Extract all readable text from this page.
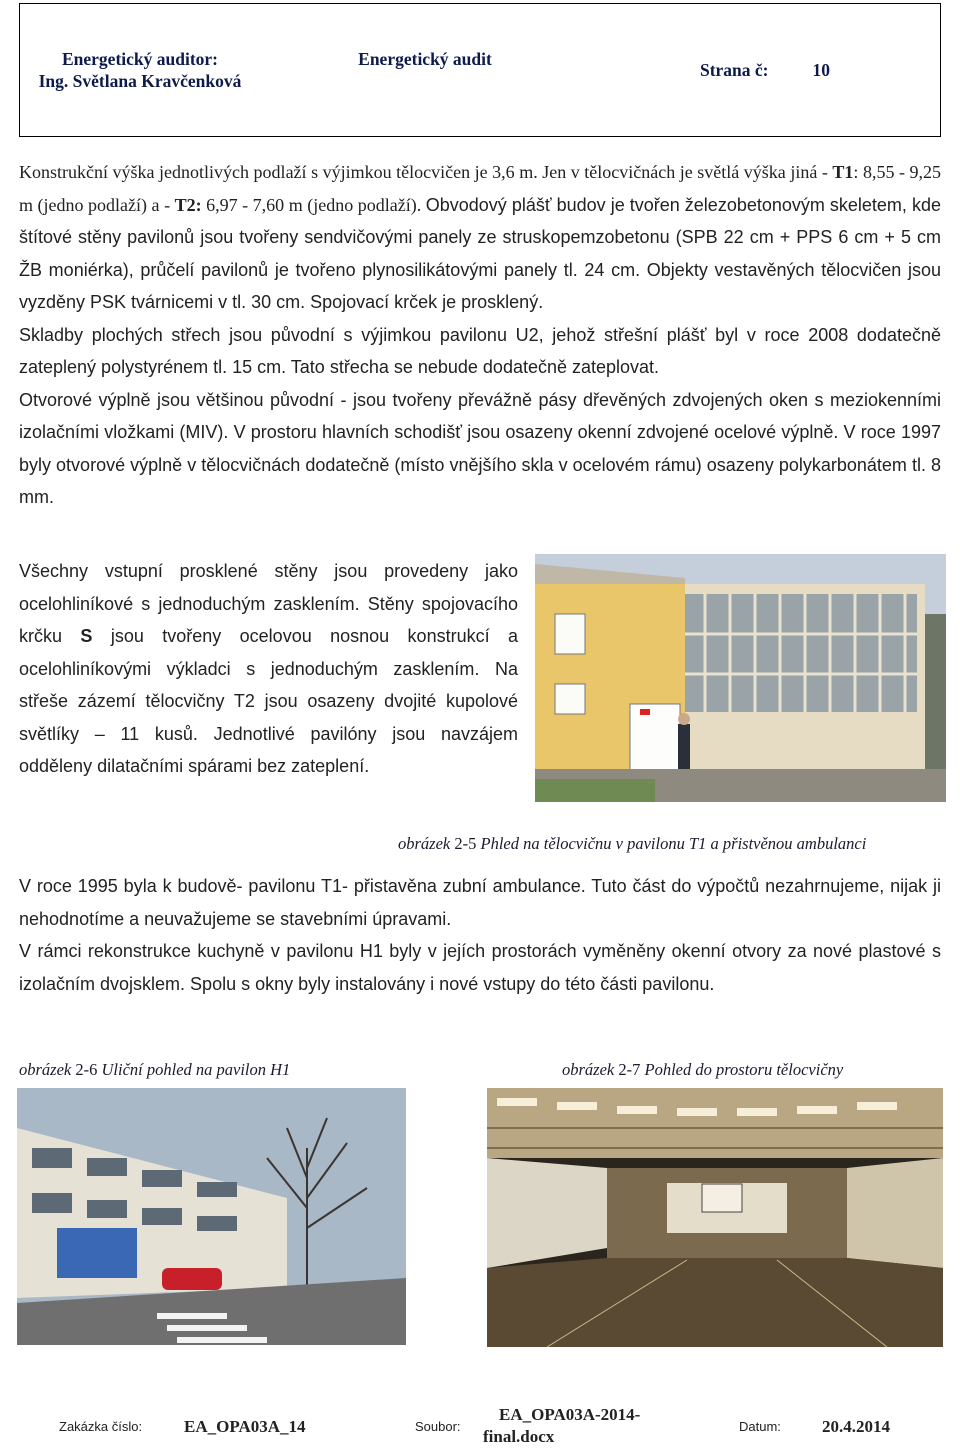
Energetický auditor:
Ing. Světlana Kravčenková
Energetický audit
Strana č:	10

Konstrukční výška jednotlivých podlaží s výjimkou tělocvičen je 3,6 m. Jen v tělocvičnách je světlá výška jiná - T1: 8,55 - 9,25 m (jedno podlaží) a - T2: 6,97 - 7,60 m (jedno podlaží). Obvodový plášť budov je tvořen železobetonovým skeletem, kde štítové stěny pavilonů jsou tvořeny sendvičovými panely ze struskopemzobetonu (SPB 22 cm + PPS 6 cm + 5 cm ŽB moniérka), průčelí pavilonů je tvořeno plynosilikátovými panely tl. 24 cm. Objekty vestavěných tělocvičen jsou vyzděny PSK tvárnicemi v tl. 30 cm. Spojovací krček je prosklený.

Skladby plochých střech jsou původní s výjimkou pavilonu U2, jehož střešní plášť byl v roce 2008 dodatečně zateplený polystyrénem tl. 15 cm. Tato střecha se nebude dodatečně zateplovat.

Otvorové výplně jsou většinou původní - jsou tvořeny převážně pásy dřevěných zdvojených oken s meziokenními izolačními vložkami (MIV). V prostoru hlavních schodišť jsou osazeny okenní zdvojené ocelové výplně. V roce 1997 byly otvorové výplně v tělocvičnách dodatečně (místo vnějšího skla v ocelovém rámu) osazeny polykarbonátem tl. 8 mm.

Všechny vstupní prosklené stěny jsou provedeny jako ocelohliníkové s jednoduchým zasklením. Stěny spojovacího krčku S jsou tvořeny ocelovou nosnou konstrukcí a ocelohliníkovými výkladci s jednoduchým zasklením. Na střeše zázemí tělocvičny T2 jsou osazeny dvojité kupolové světlíky – 11 kusů. Jednotlivé pavilóny jsou navzájem odděleny dilatačními spárami bez zateplení.

obrázek 2-5 Phled na tělocvičnu v pavilonu T1 a přistvěnou ambulanci

V roce 1995 byla k budově- pavilonu T1- přistavěna zubní ambulance. Tuto část do výpočtů nezahrnujeme, nijak ji nehodnotíme a neuvažujeme se stavebními úpravami.

V rámci rekonstrukce kuchyně v pavilonu H1 byly v jejích prostorách vyměněny okenní otvory za nové plastové s izolačním dvojsklem. Spolu s okny byly instalovány i nové vstupy do této části pavilonu.

obrázek 2-6 Uliční pohled na pavilon H1	obrázek 2-7 Pohled do prostoru tělocvičny
Zakázka číslo: EA_OPA03A_14	Soubor:
EA_OPA03A-2014-
final.docx
Datum: 20.4.2014
